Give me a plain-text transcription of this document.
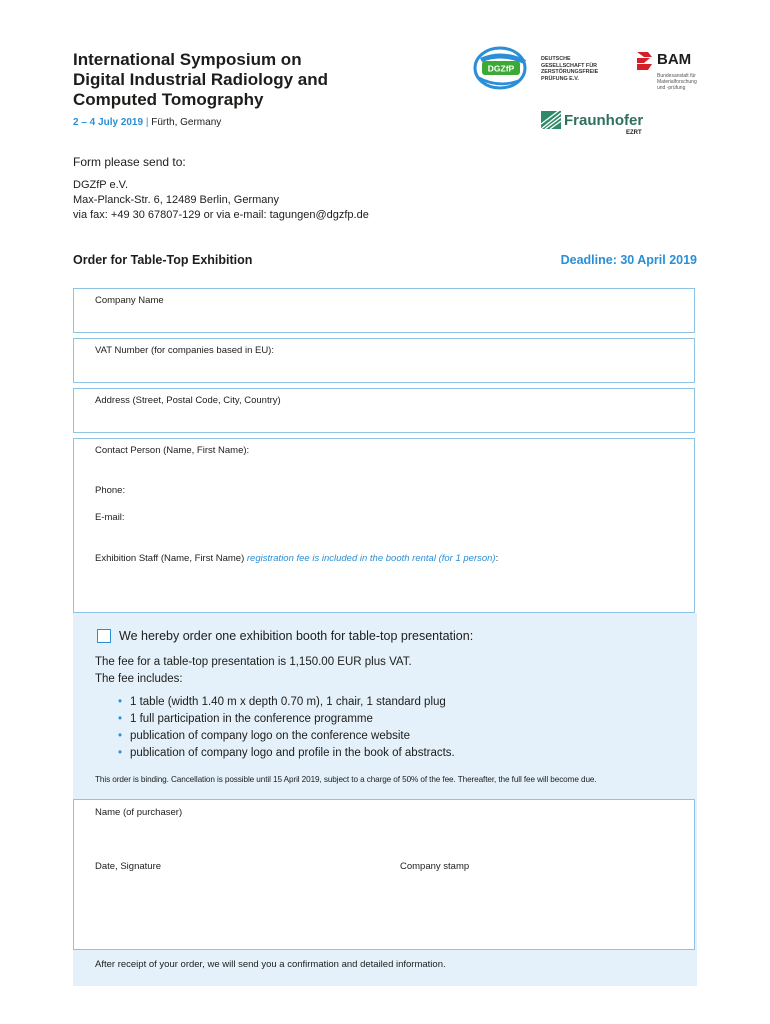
International Symposium on
Digital Industrial Radiology and
Computed Tomography
2 – 4 July 2019 | Fürth, Germany
DGZfP
DEUTSCHE
GESELLSCHAFT FÜR
ZERSTÖRUNGSFREIE
PRÜFUNG E.V.
BAM
Bundesanstalt für
Materialforschung
und -prüfung
Fraunhofer
EZRT
Form please send to:
DGZfP e.V.
Max-Planck-Str. 6, 12489 Berlin, Germany
via fax: +49 30 67807-129 or via e-mail: tagungen@dgzfp.de
Order for Table-Top Exhibition	Deadline: 30 April 2019
Company Name
VAT Number (for companies based in EU):
Address (Street, Postal Code, City, Country)
Contact Person (Name, First Name):
Phone:
E-mail:
Exhibition Staff (Name, First Name) registration fee is included in the booth rental (for 1 person):
We hereby order one exhibition booth for table-top presentation:
The fee for a table-top presentation is 1,150.00 EUR plus VAT.
The fee includes:
• 1 table (width 1.40 m x depth 0.70 m), 1 chair, 1 standard plug
• 1 full participation in the conference programme
• publication of company logo on the conference website
• publication of company logo and profile in the book of abstracts.
This order is binding. Cancellation is possible until 15 April 2019, subject to a charge of 50% of the fee. Thereafter, the full fee will become due.
Name (of purchaser)
Date, Signature	Company stamp
After receipt of your order, we will send you a confirmation and detailed information.
